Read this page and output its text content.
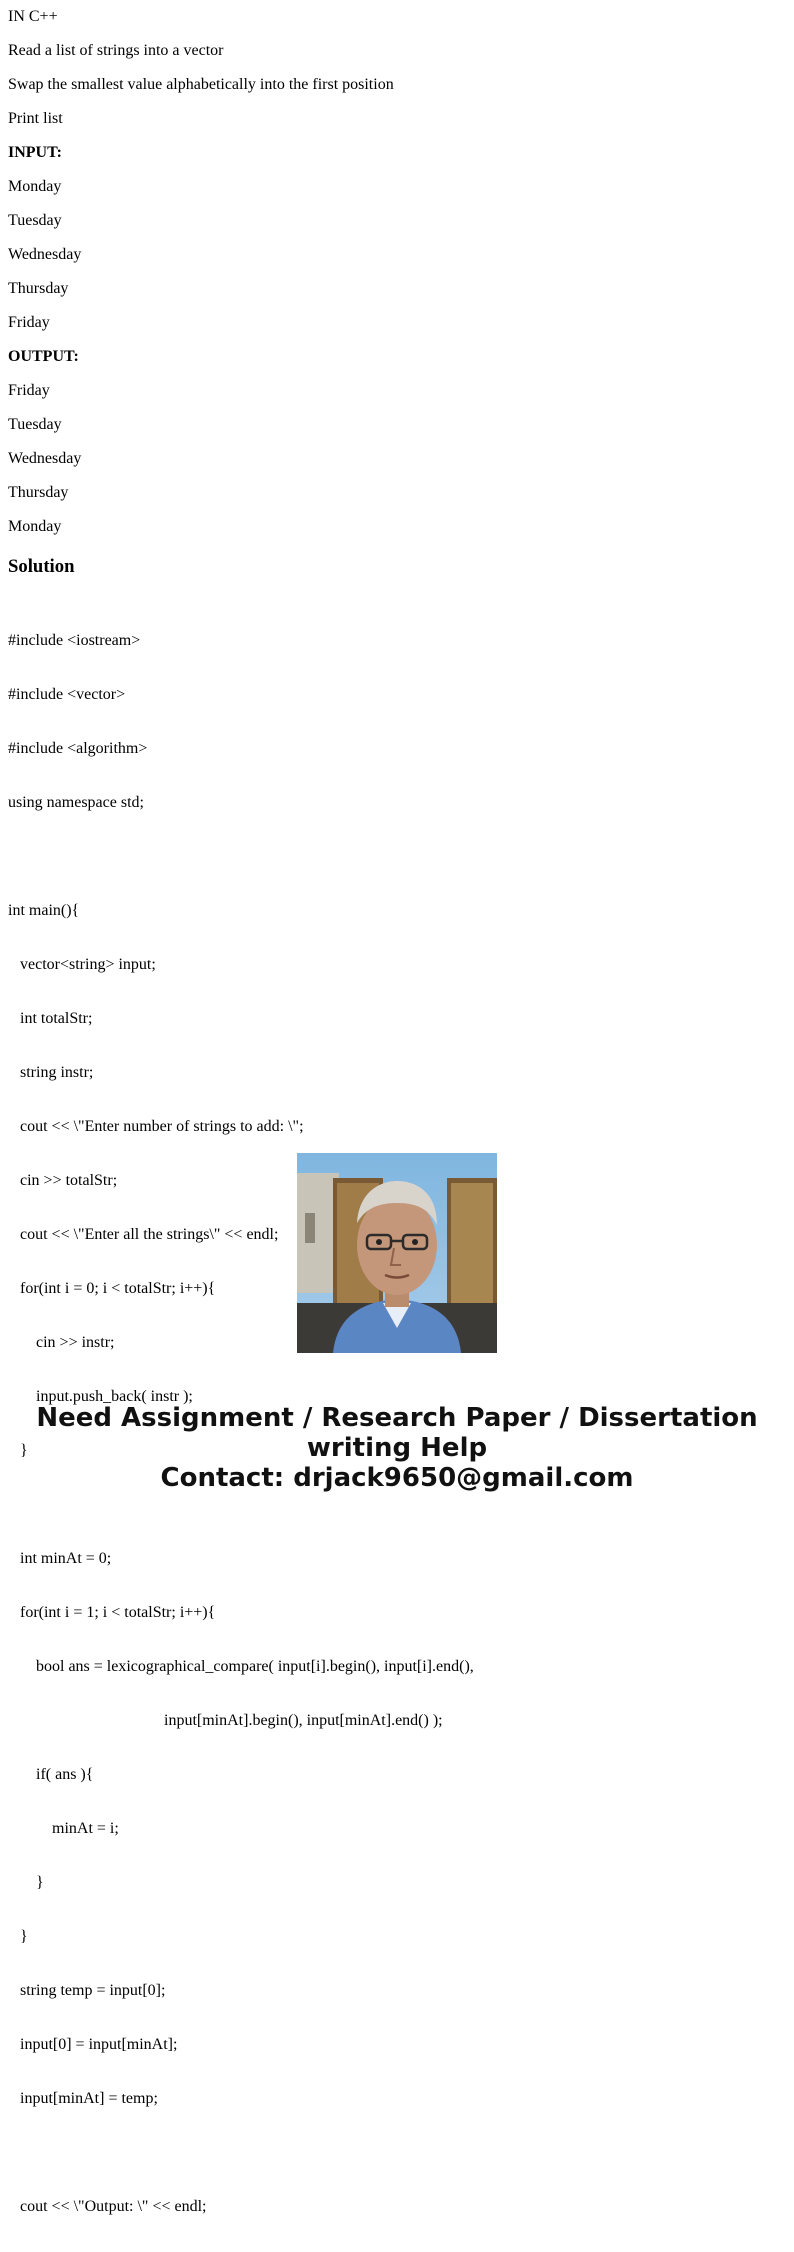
IN C++

Read a list of strings into a vector

Swap the smallest value alphabetically into the first position

Print list

INPUT:

Monday

Tuesday

Wednesday

Thursday

Friday

OUTPUT:

Friday

Tuesday

Wednesday

Thursday

Monday

Solution

#include <iostream>

#include <vector>

#include <algorithm>

using namespace std;

int main(){

vector<string> input;

int totalStr;

string instr;

cout << \"Enter number of strings to add: \";

cin >> totalStr;

cout << \"Enter all the strings\" << endl;

for(int i = 0; i < totalStr; i++){

cin >> instr;

input.push_back( instr );

}

int minAt = 0;

for(int i = 1; i < totalStr; i++){

bool ans = lexicographical_compare( input[i].begin(), input[i].end(),

input[minAt].begin(), input[minAt].end() );

if( ans ){

minAt = i;

}

}

string temp = input[0];

input[0] = input[minAt];

input[minAt] = temp;

cout << \"Output: \" << endl;

Need Assignment / Research Paper / Dissertation
writing Help
Contact: drjack9650@gmail.com
